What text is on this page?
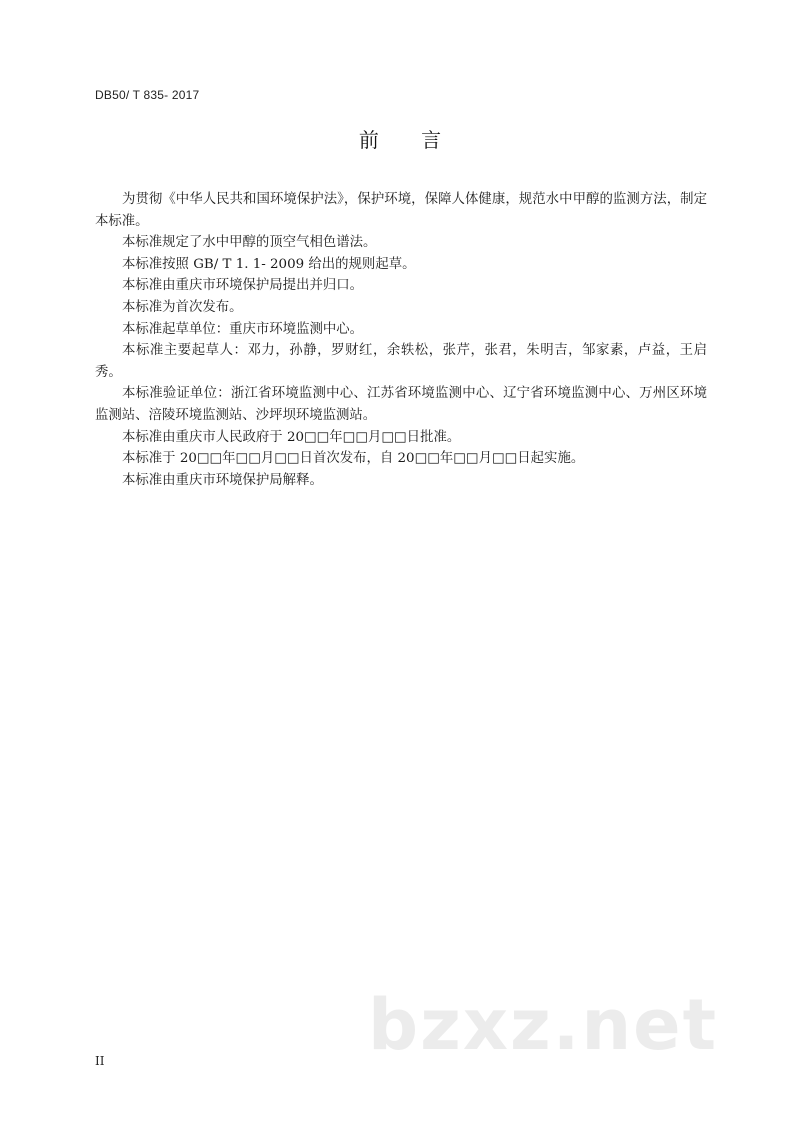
DB50/ T 835- 2017
前 言

为贯彻《中华人民共和国环境保护法》，保护环境，保障人体健康，规范水中甲醇的监测方法，制定本标准。

本标准规定了水中甲醇的顶空气相色谱法。

本标准按照 GB/ T 1. 1- 2009 给出的规则起草。

本标准由重庆市环境保护局提出并归口。

本标准为首次发布。

本标准起草单位：重庆市环境监测中心。

本标准主要起草人：邓力，孙静，罗财红，余轶松，张芹，张君，朱明吉，邹家素，卢益，王启秀。

本标准验证单位：浙江省环境监测中心、江苏省环境监测中心、辽宁省环境监测中心、万州区环境监测站、涪陵环境监测站、沙坪坝环境监测站。

本标准由重庆市人民政府于 20□□年□□月□□日批准。

本标准于 20□□年□□月□□日首次发布，自 20□□年□□月□□日起实施。

本标准由重庆市环境保护局解释。

bzxz.net
II
